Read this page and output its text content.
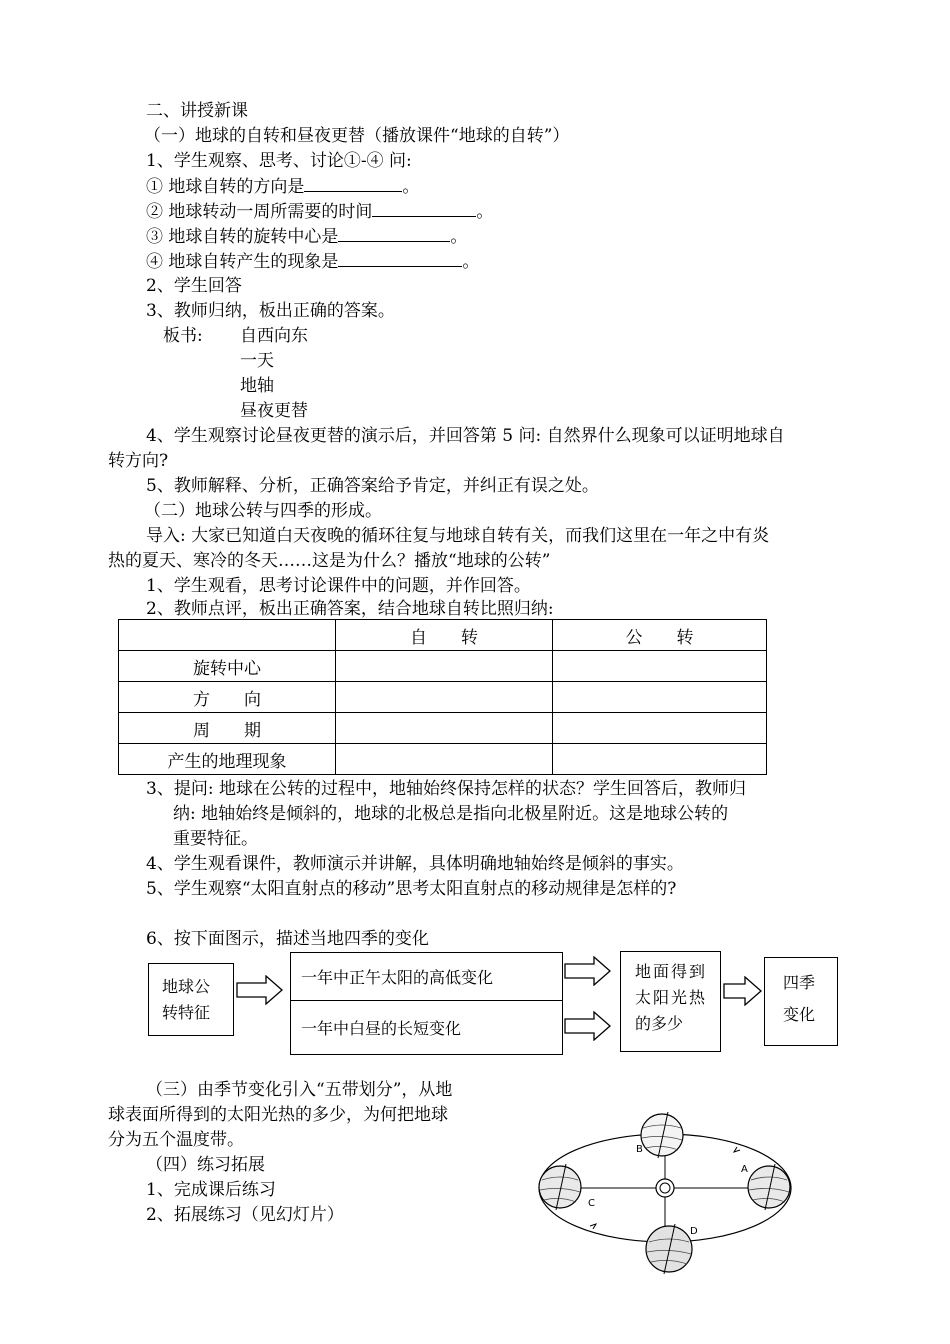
二、讲授新课
（一）地球的自转和昼夜更替（播放课件“地球的自转”）
1、学生观察、思考、讨论①-④ 问:
① 地球自转的方向是	。
② 地球转动一周所需要的时间	。
③ 地球自转的旋转中心是	。
④ 地球自转产生的现象是	。
2、学生回答
3、教师归纳，板出正确的答案。
板书: 自西向东
一天
地轴
昼夜更替
4、学生观察讨论昼夜更替的演示后，并回答第 5 问: 自然界什么现象可以证明地球自
转方向?
5、教师解释、分析，正确答案给予肯定，并纠正有误之处。
（二）地球公转与四季的形成。
导入: 大家已知道白天夜晚的循环往复与地球自转有关，而我们这里在一年之中有炎
热的夏天、寒冷的冬天……这是为什么？播放“地球的公转”
1、学生观看，思考讨论课件中的问题，并作回答。
2、教师点评，板出正确答案，结合地球自转比照归纳:
	自　　转	公　　转
旋转中心		
方　　向		
周　　期		
产生的地理现象		
3、提问: 地球在公转的过程中，地轴始终保持怎样的状态？学生回答后，教师归
纳: 地轴始终是倾斜的，地球的北极总是指向北极星附近。这是地球公转的
重要特征。
4、学生观看课件，教师演示并讲解，具体明确地轴始终是倾斜的事实。
5、学生观察“太阳直射点的移动”思考太阳直射点的移动规律是怎样的?
6、按下面图示，描述当地四季的变化
地球公
转特征
一年中正午太阳的高低变化
一年中白昼的长短变化
地面得到
太阳光热
的多少
四季
变化
（三）由季节变化引入“五带划分”，从地
球表面所得到的太阳光热的多少，为何把地球
分为五个温度带。
（四）练习拓展
1、完成课后练习
2、拓展练习（见幻灯片）
A
B
C
D
